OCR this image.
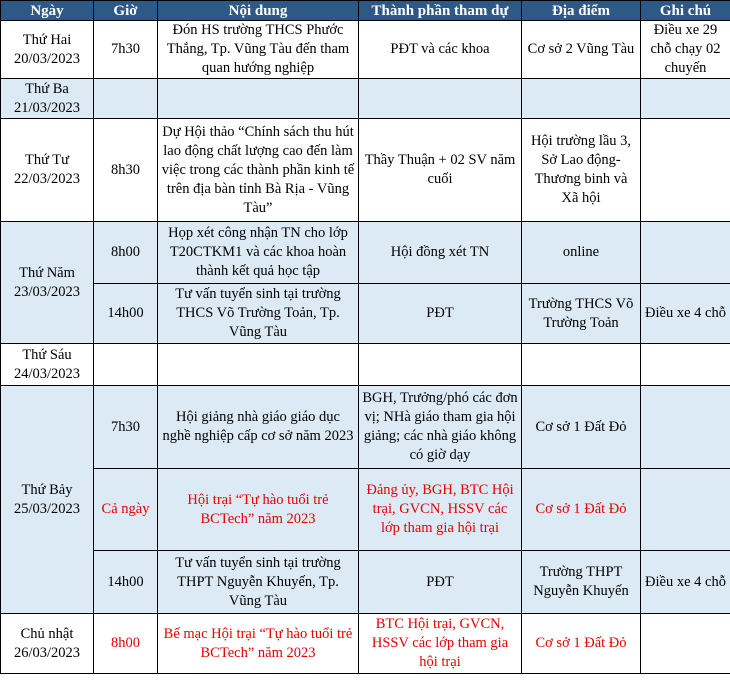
Ngày	Giờ	Nội dung	Thành phần tham dự	Địa điểm	Ghi chú

Thứ Hai
20/03/2023	7h30	Đón HS trường THCS Phước Thắng, Tp. Vũng Tàu đến tham quan hướng nghiệp	PĐT và các khoa	Cơ sở 2 Vũng Tàu	Điều xe 29 chỗ chạy 02 chuyến

Thứ Ba
21/03/2023					

Thứ Tư
22/03/2023	8h30	Dự Hội thảo “Chính sách thu hút lao động chất lượng cao đến làm việc trong các thành phần kinh tế trên địa bàn tỉnh Bà Rịa - Vũng Tàu”	Thầy Thuận + 02 SV năm cuối	Hội trường lầu 3, Sở Lao động-Thương binh và Xã hội	

Thứ Năm
23/03/2023	8h00	Họp xét công nhận TN cho lớp T20CTKM1 và các khoa hoàn thành kết quả học tập	Hội đồng xét TN	online	
	14h00	Tư vấn tuyển sinh tại trường THCS Võ Trường Toản, Tp. Vũng Tàu	PĐT	Trường THCS Võ Trường Toản	Điều xe 4 chỗ

Thứ Sáu
24/03/2023					

Thứ Bảy
25/03/2023	7h30	Hội giảng nhà giáo giáo dục nghề nghiệp cấp cơ sở năm 2023	BGH, Trưởng/phó các đơn vị; NHà giáo tham gia hội giảng; các nhà giáo không có giờ dạy	Cơ sở 1 Đất Đỏ	
	Cả ngày	Hội trại “Tự hào tuổi trẻ BCTech” năm 2023	Đảng ủy, BGH, BTC Hội trại, GVCN, HSSV các lớp tham gia hội trại	Cơ sở 1 Đất Đỏ	
	14h00	Tư vấn tuyển sinh tại trường THPT Nguyễn Khuyến, Tp. Vũng Tàu	PĐT	Trường THPT Nguyễn Khuyến	Điều xe 4 chỗ

Chủ nhật
26/03/2023	8h00	Bế mạc Hội trại “Tự hào tuổi trẻ BCTech” năm 2023	BTC Hội trại, GVCN, HSSV các lớp tham gia hội trại	Cơ sở 1 Đất Đỏ	
